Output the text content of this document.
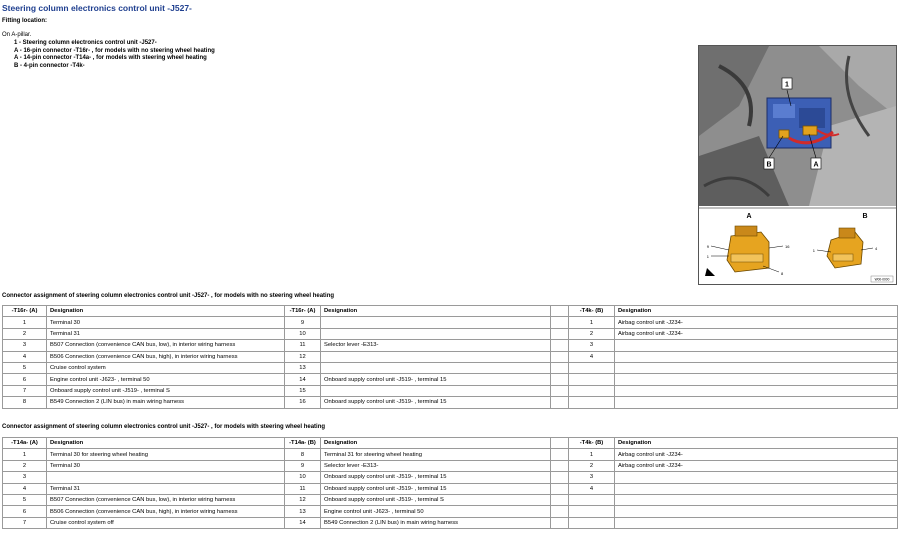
Steering column electronics control unit -J527-
Fitting location:
On A-pillar.
1 - Steering column electronics control unit -J527-
A - 16-pin connector -T16r- , for models with no steering wheel heating
A - 14-pin connector -T14a- , for models with steering wheel heating
B - 4-pin connector -T4k-
1
B	A
A
9
1
16
8
B
1	4
W00-0000
Connector assignment of steering column electronics control unit -J527- , for models with no steering wheel heating
-T16r- (A)	Designation		-T16r- (A)	Designation		-T4k- (B)	Designation
1	Terminal 30		9			1	Airbag control unit -J234-
2	Terminal 31		10			2	Airbag control unit -J234-
3	B507 Connection (convenience CAN bus, low), in interior wiring harness		11	Selector lever -E313-		3	
4	B506 Connection (convenience CAN bus, high), in interior wiring harness		12			4	
5	Cruise control system		13				
6	Engine control unit -J623- , terminal 50		14	Onboard supply control unit -J519- , terminal 15			
7	Onboard supply control unit -J519- , terminal S		15				
8	B549 Connection 2 (LIN bus) in main wiring harness		16	Onboard supply control unit -J519- , terminal 15			
Connector assignment of steering column electronics control unit -J527- , for models with steering wheel heating
-T14a- (A)	Designation		-T14a- (B)	Designation		-T4k- (B)	Designation
1	Terminal 30 for steering wheel heating		8	Terminal 31 for steering wheel heating		1	Airbag control unit -J234-
2	Terminal 30		9	Selector lever -E313-		2	Airbag control unit -J234-
3			10	Onboard supply control unit -J519- , terminal 15		3	
4	Terminal 31		11	Onboard supply control unit -J519- , terminal 15		4	
5	B507 Connection (convenience CAN bus, low), in interior wiring harness		12	Onboard supply control unit -J519- , terminal S			
6	B506 Connection (convenience CAN bus, high), in interior wiring harness		13	Engine control unit -J623- , terminal 50			
7	Cruise control system off		14	B549 Connection 2 (LIN bus) in main wiring harness			
